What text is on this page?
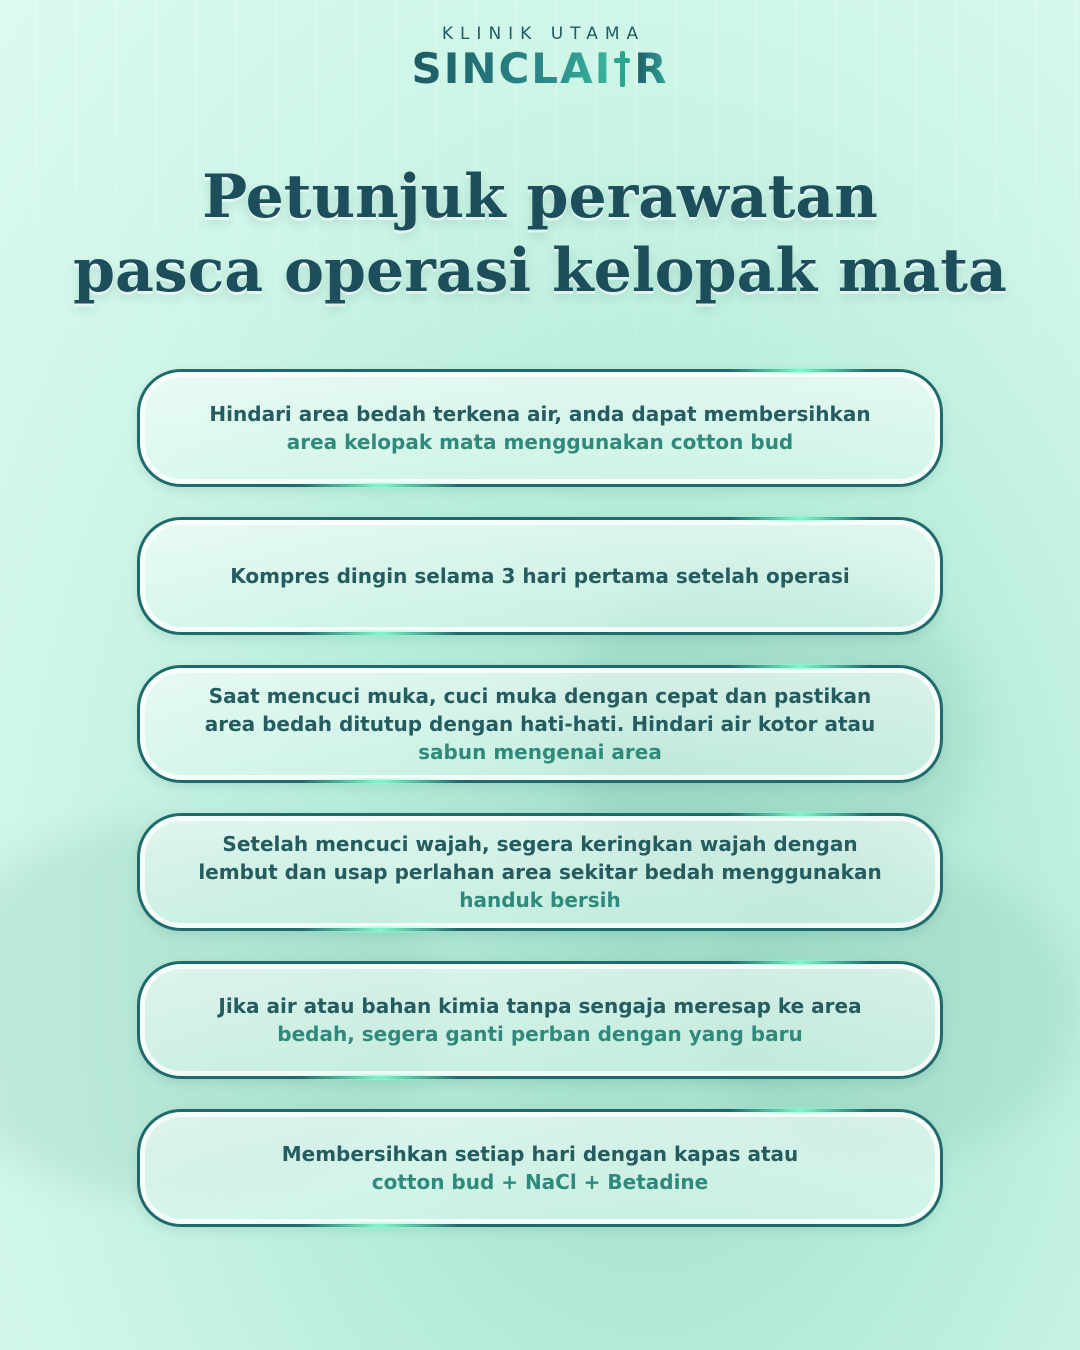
KLINIK UTAMA
SINCLAI R
Petunjuk perawatan
pasca operasi kelopak mata
Hindari area bedah terkena air, anda dapat membersihkan
area kelopak mata menggunakan cotton bud
Kompres dingin selama 3 hari pertama setelah operasi
Saat mencuci muka, cuci muka dengan cepat dan pastikan
area bedah ditutup dengan hati-hati. Hindari air kotor atau
sabun mengenai area
Setelah mencuci wajah, segera keringkan wajah dengan
lembut dan usap perlahan area sekitar bedah menggunakan
handuk bersih
Jika air atau bahan kimia tanpa sengaja meresap ke area
bedah, segera ganti perban dengan yang baru
Membersihkan setiap hari dengan kapas atau
cotton bud + NaCl + Betadine
